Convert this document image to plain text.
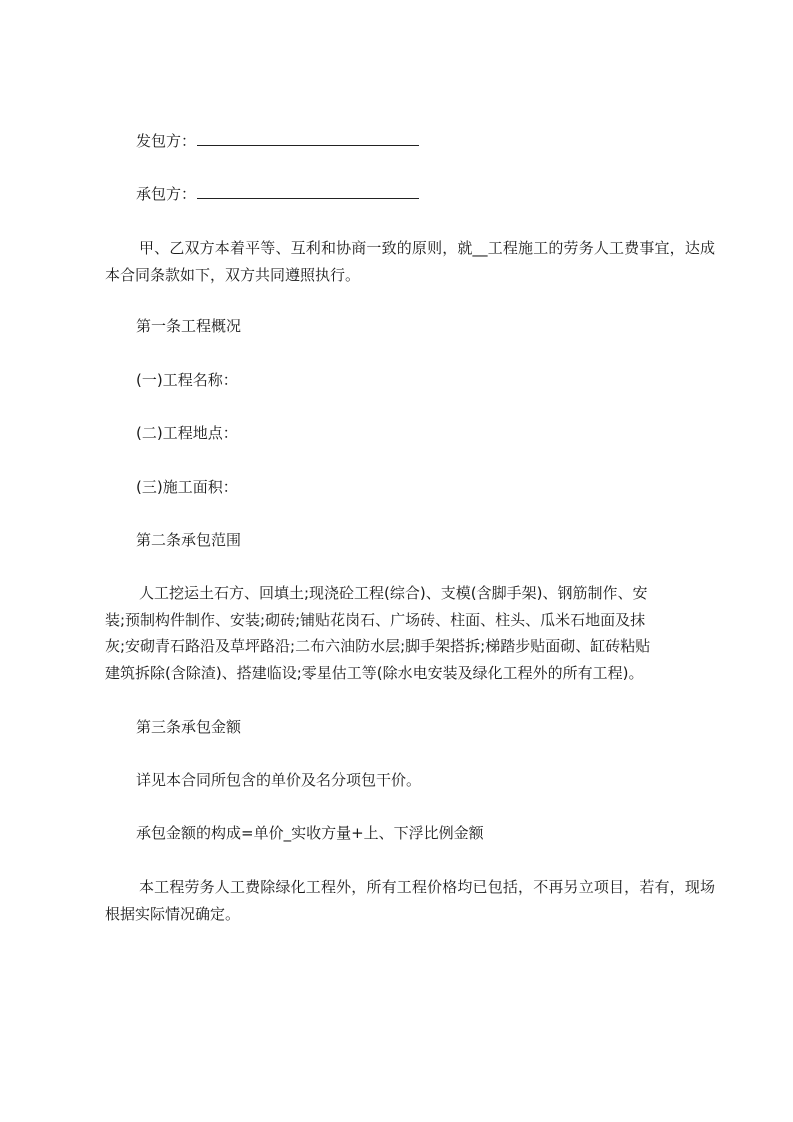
发包方：
承包方：
甲、乙双方本着平等、互利和协商一致的原则，就__工程施工的劳务人工费事宜，达成本合同条款如下，双方共同遵照执行。
第一条工程概况
(一)工程名称：
(二)工程地点：
(三)施工面积：
第二条承包范围
人工挖运土石方、回填土;现浇砼工程(综合)、支模(含脚手架)、钢筋制作、安
装;预制构件制作、安装;砌砖;铺贴花岗石、广场砖、柱面、柱头、瓜米石地面及抹
灰;安砌青石路沿及草坪路沿;二布六油防水层;脚手架搭拆;梯踏步贴面砌、缸砖粘贴
建筑拆除(含除渣)、搭建临设;零星估工等(除水电安装及绿化工程外的所有工程)。
第三条承包金额
详见本合同所包含的单价及名分项包干价。
承包金额的构成=单价_实收方量+上、下浮比例金额
本工程劳务人工费除绿化工程外，所有工程价格均已包括，不再另立项目，若有，现场根据实际情况确定。
